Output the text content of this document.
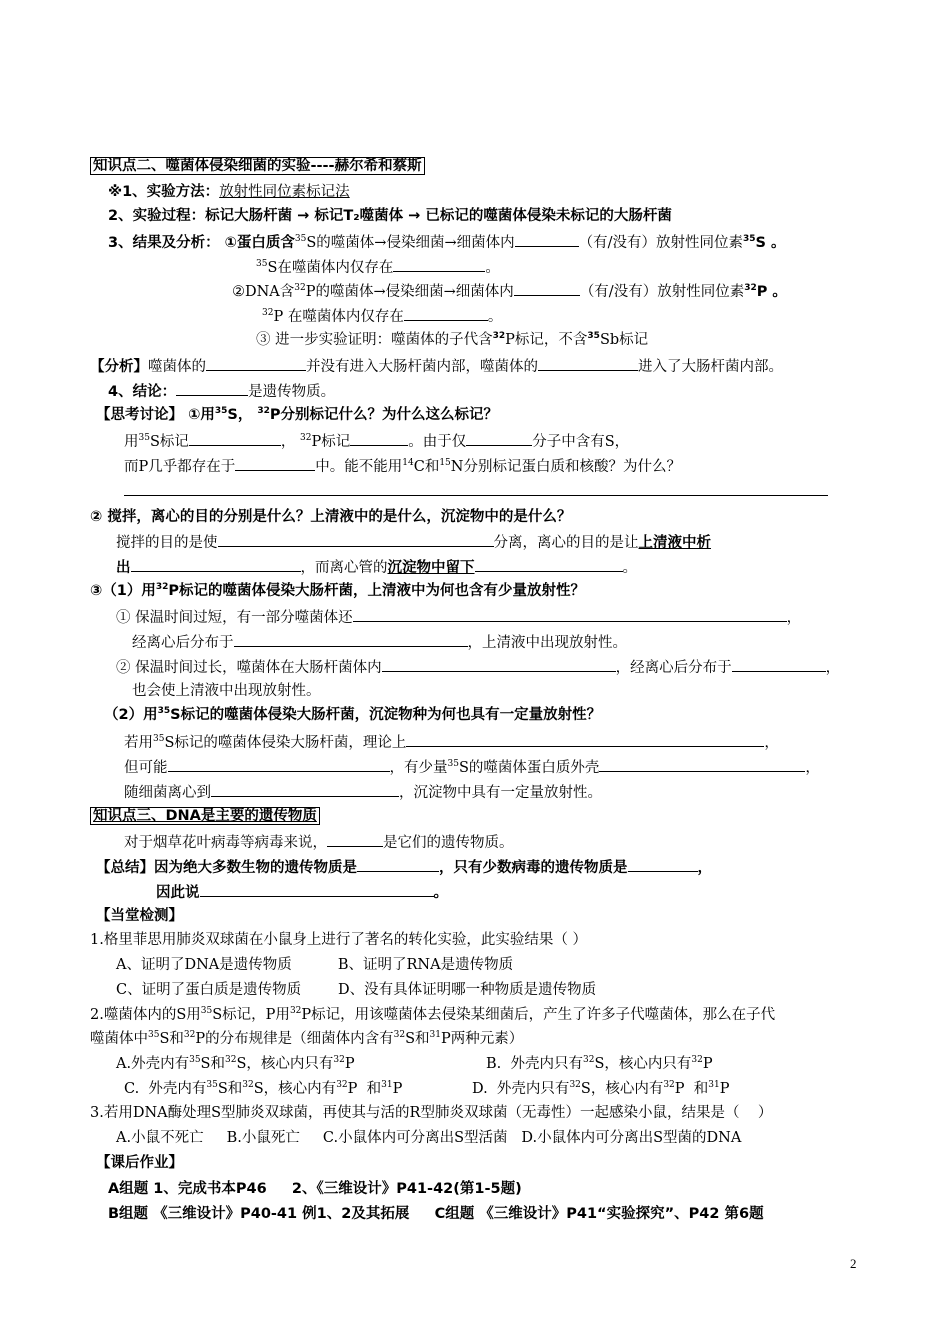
知识点二、噬菌体侵染细菌的实验----赫尔希和蔡斯
※1、实验方法：放射性同位素标记法
2、实验过程：标记大肠杆菌 → 标记T₂噬菌体 → 已标记的噬菌体侵染未标记的大肠杆菌
3、结果及分析： ①蛋白质含$^{35}$S的噬菌体→侵染细菌→细菌体内	（有/没有）放射性同位素$^{35}$S 。
$^{35}$S在噬菌体内仅存在	。
②DNA含$^{32}$P的噬菌体→侵染细菌→细菌体内	（有/没有）放射性同位素$^{32}$P 。
$^{32}$P 在噬菌体内仅存在	。
③ 进一步实验证明：噬菌体的子代含$^{32}$P标记，不含$^{35}$Sb标记
【分析】噬菌体的	并没有进入大肠杆菌内部，噬菌体的	进入了大肠杆菌内部。
4、结论：	是遗传物质。
【思考讨论】 ①用$^{35}$S， $^{32}$P分别标记什么？为什么这么标记？
用$^{35}$S标记	， $^{32}$P标记	。由于仅	分子中含有S，
而P几乎都存在于	中。能不能用$^{14}$C和$^{15}$N分别标记蛋白质和核酸？为什么？
② 搅拌，离心的目的分别是什么？上清液中的是什么，沉淀物中的是什么？
搅拌的目的是使	分离，离心的目的是让上清液中析
出	，而离心管的沉淀物中留下	。
③（1）用$^{32}$P标记的噬菌体侵染大肠杆菌，上清液中为何也含有少量放射性？
① 保温时间过短，有一部分噬菌体还	，
经离心后分布于	，上清液中出现放射性。
② 保温时间过长，噬菌体在大肠杆菌体内	，经离心后分布于	，
也会使上清液中出现放射性。
（2）用$^{35}$S标记的噬菌体侵染大肠杆菌，沉淀物种为何也具有一定量放射性？
若用$^{35}$S标记的噬菌体侵染大肠杆菌，理论上	，
但可能	，有少量$^{35}$S的噬菌体蛋白质外壳	，
随细菌离心到	，沉淀物中具有一定量放射性。
知识点三、DNA是主要的遗传物质
对于烟草花叶病毒等病毒来说，	是它们的遗传物质。
【总结】因为绝大多数生物的遗传物质是	，只有少数病毒的遗传物质是	，
因此说	。
【当堂检测】
1.格里菲思用肺炎双球菌在小鼠身上进行了著名的转化实验，此实验结果（ ）
A、证明了DNA是遗传物质          B、证明了RNA是遗传物质
C、证明了蛋白质是遗传物质        D、没有具体证明哪一种物质是遗传物质
2.噬菌体内的S用$^{35}$S标记，P用$^{32}$P标记，用该噬菌体去侵染某细菌后，产生了许多子代噬菌体，那么在子代
噬菌体中$^{35}$S和$^{32}$P的分布规律是（细菌体内含有$^{32}$S和$^{31}$P两种元素）
A.外壳内有$^{35}$S和$^{32}$S，核心内只有$^{32}$P	B.  外壳内只有$^{32}$S，核心内只有$^{32}$P
C.  外壳内有$^{35}$S和$^{32}$S，核心内有$^{32}$P  和$^{31}$P	D.  外壳内只有$^{32}$S，核心内有$^{32}$P  和$^{31}$P
3.若用DNA酶处理S型肺炎双球菌，再使其与活的R型肺炎双球菌（无毒性）一起感染小鼠，结果是（    ）
A.小鼠不死亡     B.小鼠死亡     C.小鼠体内可分离出S型活菌   D.小鼠体内可分离出S型菌的DNA
【课后作业】
A组题 1、完成书本P46     2、《三维设计》P41-42(第1-5题)
B组题 《三维设计》P40-41 例1、2及其拓展     C组题 《三维设计》P41“实验探究”、P42 第6题
2
